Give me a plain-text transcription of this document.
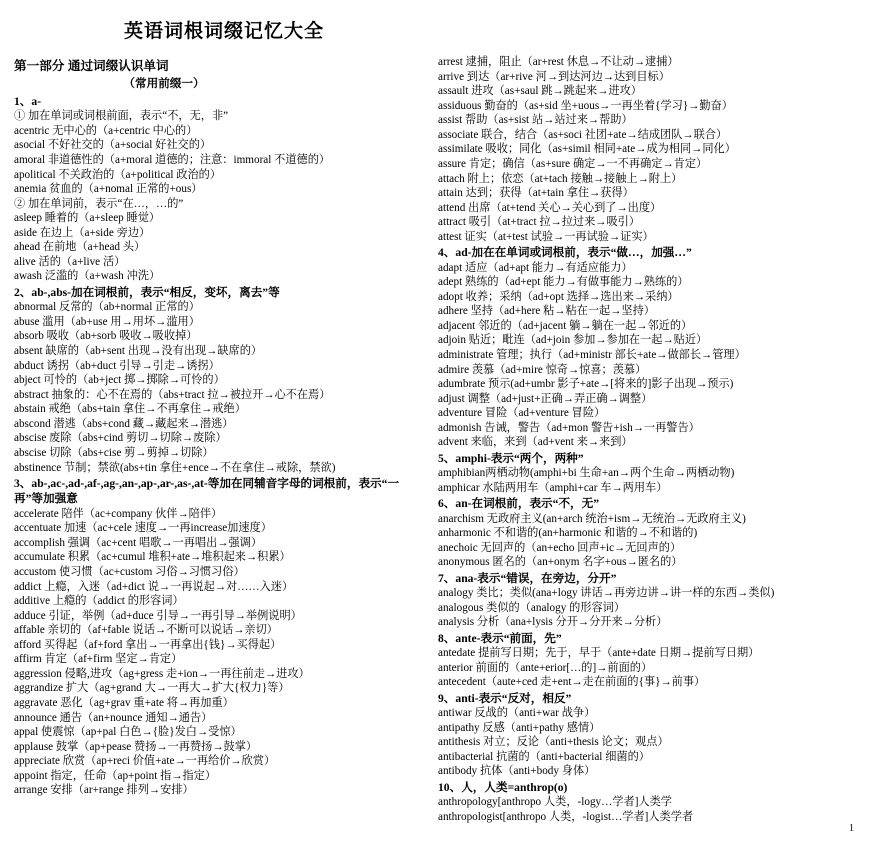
英语词根词缀记忆大全
第一部分 通过词缀认识单词
（常用前缀一）
1、a-
① 加在单词或词根前面，表示“不，无，非”
acentric 无中心的（a+centric 中心的）
asocial 不好社交的（a+social 好社交的）
amoral 非道德性的（a+moral 道德的；注意：immoral 不道德的）
apolitical 不关政治的（a+political 政治的）
anemia 贫血的（a+nomal 正常的+ous）
② 加在单词前，表示“在…，…的”
asleep 睡着的（a+sleep 睡觉）
aside 在边上（a+side 旁边）
ahead 在前地（a+head 头）
alive 活的（a+live 活）
awash 泛滥的（a+wash 冲洗）
2、ab-,abs-加在词根前，表示“相反，变坏，离去”等
abnormal 反常的（ab+normal 正常的）
abuse 滥用（ab+use 用→用坏→滥用）
absorb 吸收（ab+sorb 吸收→吸收掉）
absent 缺席的（ab+sent 出现→没有出现→缺席的）
abduct 诱拐（ab+duct 引导→引走→诱拐）
abject 可怜的（ab+ject 掷→掷除→可怜的）
abstract 抽象的：心不在焉的（abs+tract 拉→被拉开→心不在焉）
abstain 戒绝（abs+tain 拿住→不再拿住→戒绝）
abscond 潜逃（abs+cond 藏→藏起来→潜逃）
abscise 废除（abs+cind 剪切→切除→废除）
abscise 切除（abs+cise 剪→剪掉→切除）
abstinence 节制；禁欲(abs+tin 拿住+ence→不在拿住→戒除，禁欲)
3、ab-,ac-,ad-,af-,ag-,an-,ap-,ar-,as-,at-等加在同辅音字母的词根前，表示“一再”等加强意
accelerate 陪伴（ac+company 伙伴→陪伴）
accentuate 加速（ac+cele 速度→一再increase加速度）
accomplish 强调（ac+cent 唱歌→一再唱出→强调）
accumulate 积累（ac+cumul 堆积+ate→堆积起来→积累）
accustom 使习惯（ac+custom 习俗→习惯习俗）
addict 上瘾，入迷（ad+dict 说→一再说起→对……入迷）
additive 上瘾的（addict 的形容词）
adduce 引证，举例（ad+duce 引导→一再引导→举例说明）
affable 亲切的（af+fable 说话→不断可以说话→亲切）
afford 买得起（af+ford 拿出→一再拿出{钱}→买得起）
affirm 肯定（af+firm 坚定→肯定）
aggression 侵略,进攻（ag+gress 走+ion→一再往前走→进攻）
aggrandize 扩大（ag+grand 大→一再大→扩大{权力}等）
aggravate 恶化（ag+grav 重+ate 将→再加重）
announce 通告（an+nounce 通知→通告）
appal 使震惊（ap+pal 白色→{脸}发白→受惊）
applause 鼓掌（ap+pease 赞扬→一再赞扬→鼓掌）
appreciate 欣赏（ap+reci 价值+ate→一再给价→欣赏）
appoint 指定，任命（ap+point 指→指定）
arrange 安排（ar+range 排列→安排）
arrest 逮捕，阻止（ar+rest 休息→不让动→逮捕）
arrive 到达（ar+rive 河→到达河边→达到目标）
assault 进攻（as+saul 跳→跳起来→进攻）
assiduous 勤奋的（as+sid 坐+uous→一再坐着{学习}→勤奋）
assist 帮助（as+sist 站→站过来→帮助）
associate 联合，结合（as+soci 社团+ate→结成团队→联合）
assimilate 吸收；同化（as+simil 相同+ate→成为相同→同化）
assure 肯定；确信（as+sure 确定→一不再确定→肯定）
attach 附上；依恋（at+tach 接触→接触上→附上）
attain 达到；获得（at+tain 拿住→获得）
attend 出席（at+tend 关心→关心到了→出度）
attract 吸引（at+tract 拉→拉过来→吸引）
attest 证实（at+test 试验→一再试验→证实）
4、ad-加在在单词或词根前，表示“做…，加强…”
adapt 适应（ad+apt 能力→有适应能力）
adept 熟练的（ad+ept 能力→有做事能力→熟练的）
adopt 收养；采纳（ad+opt 选择→选出来→采纳）
adhere 坚持（ad+here 粘→粘在一起→坚持）
adjacent 邻近的（ad+jacent 躺→躺在一起→邻近的）
adjoin 贴近；毗连（ad+join 参加→参加在一起→贴近）
administrate 管理；执行（ad+ministr 部长+ate→做部长→管理）
admire 羡慕（ad+mire 惊奇→惊喜；羡慕）
adumbrate 预示(ad+umbr 影子+ate→[将来的]影子出现→预示)
adjust 调整（ad+just+正确→弄正确→调整）
adventure 冒险（ad+venture 冒险）
admonish 告诫，警告（ad+mon 警告+ish→一再警告）
advent 来临，来到（ad+vent 来→来到）
5、amphi-表示“两个，两种”
amphibian两栖动物(amphi+bi 生命+an→两个生命→两栖动物)
amphicar 水陆两用车（amphi+car 车→两用车）
6、an-在词根前，表示“不，无”
anarchism 无政府主义(an+arch 统治+ism→无统治→无政府主义)
anharmonic 不和谐的(an+harmonic 和谐的→不和谐的)
anechoic 无回声的（an+echo 回声+ic→无回声的）
anonymous 匿名的（an+onym 名字+ous→匿名的）
7、ana-表示“错误，在旁边，分开”
analogy 类比；类似(ana+logy 讲话→再旁边讲→讲一样的东西→类似)
analogous 类似的（analogy 的形容词）
analysis 分析（ana+lysis 分开→分开来→分析）
8、ante-表示“前面，先”
antedate 提前写日期；先于，早于（ante+date 日期→提前写日期）
anterior 前面的（ante+erior[…的]→前面的）
antecedent（aute+ced 走+ent→走在前面的{事}→前事）
9、anti-表示“反对，相反”
antiwar 反战的（anti+war 战争）
antipathy 反感（anti+pathy 感情）
antithesis 对立；反论（anti+thesis 论文；观点）
antibacterial 抗菌的（anti+bacterial 细菌的）
antibody 抗体（anti+body 身体）
10、人，人类=anthrop(o)
anthropology[anthropo 人类，-logy…学者]人类学
anthropologist[anthropo 人类，-logist…学者]人类学者
1
